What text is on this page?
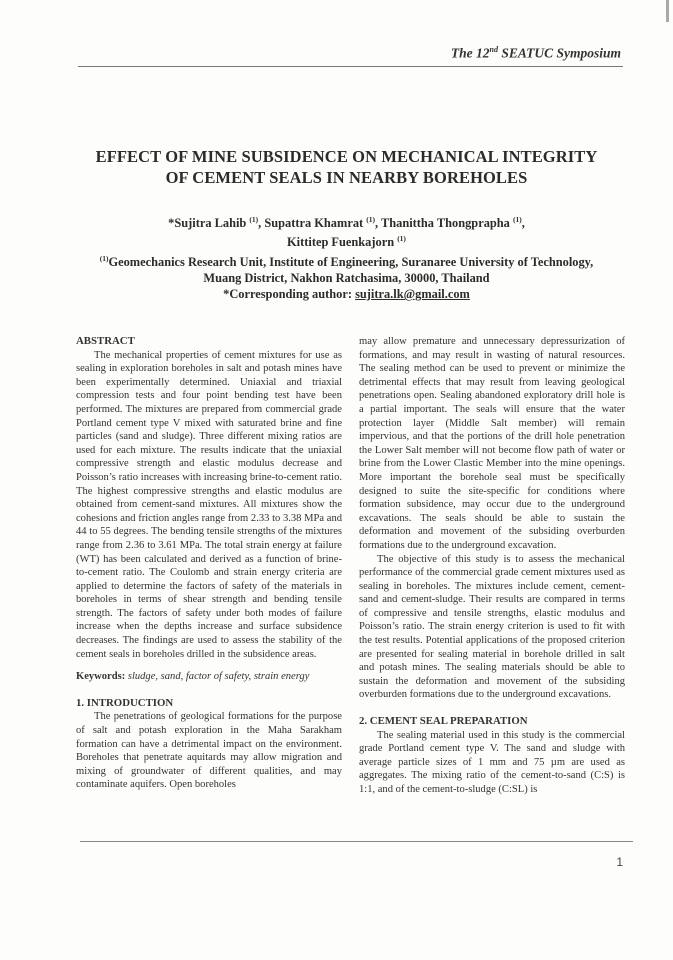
The 12nd SEATUC Symposium
EFFECT OF MINE SUBSIDENCE ON MECHANICAL INTEGRITY
OF CEMENT SEALS IN NEARBY BOREHOLES
*Sujitra Lahib $^{(1)}$, Supattra Khamrat $^{(1)}$, Thanittha Thongprapha $^{(1)}$,
Kittitep Fuenkajorn $^{(1)}$
$^{(1)}$Geomechanics Research Unit, Institute of Engineering, Suranaree University of Technology,
Muang District, Nakhon Ratchasima, 30000, Thailand
*Corresponding author: sujitra.lk@gmail.com
ABSTRACT

The mechanical properties of cement mixtures for use as sealing in exploration boreholes in salt and potash mines have been experimentally determined. Uniaxial and triaxial compression tests and four point bending test have been performed. The mixtures are prepared from commercial grade Portland cement type V mixed with saturated brine and fine particles (sand and sludge). Three different mixing ratios are used for each mixture. The results indicate that the uniaxial compressive strength and elastic modulus decrease and Poisson’s ratio increases with increasing brine-to-cement ratio. The highest compressive strengths and elastic modulus are obtained from cement-sand mixtures. All mixtures show the cohesions and friction angles range from 2.33 to 3.38 MPa and 44 to 55 degrees. The bending tensile strengths of the mixtures range from 2.36 to 3.61 MPa. The total strain energy at failure (WT) has been calculated and derived as a function of brine-to-cement ratio. The Coulomb and strain energy criteria are applied to determine the factors of safety of the materials in boreholes in terms of shear strength and bending tensile strength. The factors of safety under both modes of failure increase when the depths increase and surface subsidence decreases. The findings are used to assess the stability of the cement seals in boreholes drilled in the subsidence areas.

Keywords: sludge, sand, factor of safety, strain energy

1. INTRODUCTION

The penetrations of geological formations for the purpose of salt and potash exploration in the Maha Sarakham formation can have a detrimental impact on the environment. Boreholes that penetrate aquitards may allow migration and mixing of groundwater of different qualities, and may contaminate aquifers. Open boreholes

may allow premature and unnecessary depressurization of formations, and may result in wasting of natural resources. The sealing method can be used to prevent or minimize the detrimental effects that may result from leaving geological penetrations open. Sealing abandoned exploratory drill hole is a partial important. The seals will ensure that the water protection layer (Middle Salt member) will remain impervious, and that the portions of the drill hole penetration the Lower Salt member will not become flow path of water or brine from the Lower Clastic Member into the mine openings. More important the borehole seal must be specifically designed to suite the site-specific for conditions where formation subsidence, may occur due to the underground excavations. The seals should be able to sustain the deformation and movement of the subsiding overburden formations due to the underground excavation.

The objective of this study is to assess the mechanical performance of the commercial grade cement mixtures used as sealing in boreholes. The mixtures include cement, cement-sand and cement-sludge. Their results are compared in terms of compressive and tensile strengths, elastic modulus and Poisson’s ratio. The strain energy criterion is used to fit with the test results. Potential applications of the proposed criterion are presented for sealing material in borehole drilled in salt and potash mines. The sealing materials should be able to sustain the deformation and movement of the subsiding overburden formations due to the underground excavations.

2. CEMENT SEAL PREPARATION

The sealing material used in this study is the commercial grade Portland cement type V. The sand and sludge with average particle sizes of 1 mm and 75 µm are used as aggregates. The mixing ratio of the cement-to-sand (C:S) is 1:1, and of the cement-to-sludge (C:SL) is

1
